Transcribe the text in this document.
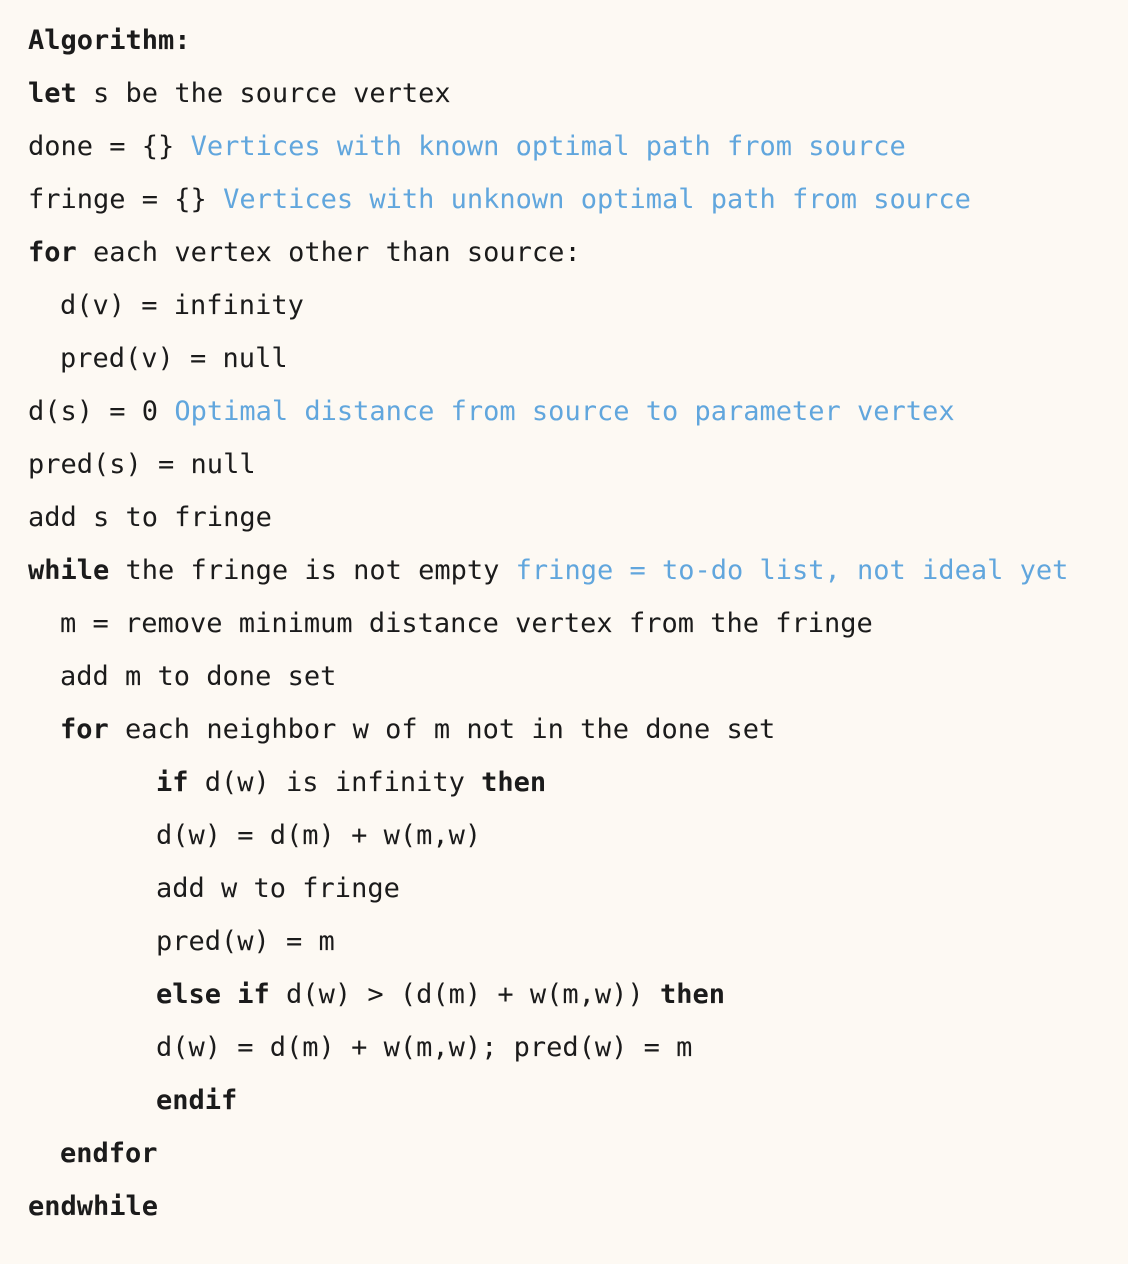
Algorithm:
let s be the source vertex
done = {} Vertices with known optimal path from source
fringe = {} Vertices with unknown optimal path from source
for each vertex other than source:
d(v) = infinity
pred(v) = null
d(s) = 0 Optimal distance from source to parameter vertex
pred(s) = null
add s to fringe
while the fringe is not empty fringe = to-do list, not ideal yet
m = remove minimum distance vertex from the fringe
add m to done set
for each neighbor w of m not in the done set
if d(w) is infinity then
d(w) = d(m) + w(m,w)
add w to fringe
pred(w) = m
else if d(w) > (d(m) + w(m,w)) then
d(w) = d(m) + w(m,w); pred(w) = m
endif
endfor
endwhile
